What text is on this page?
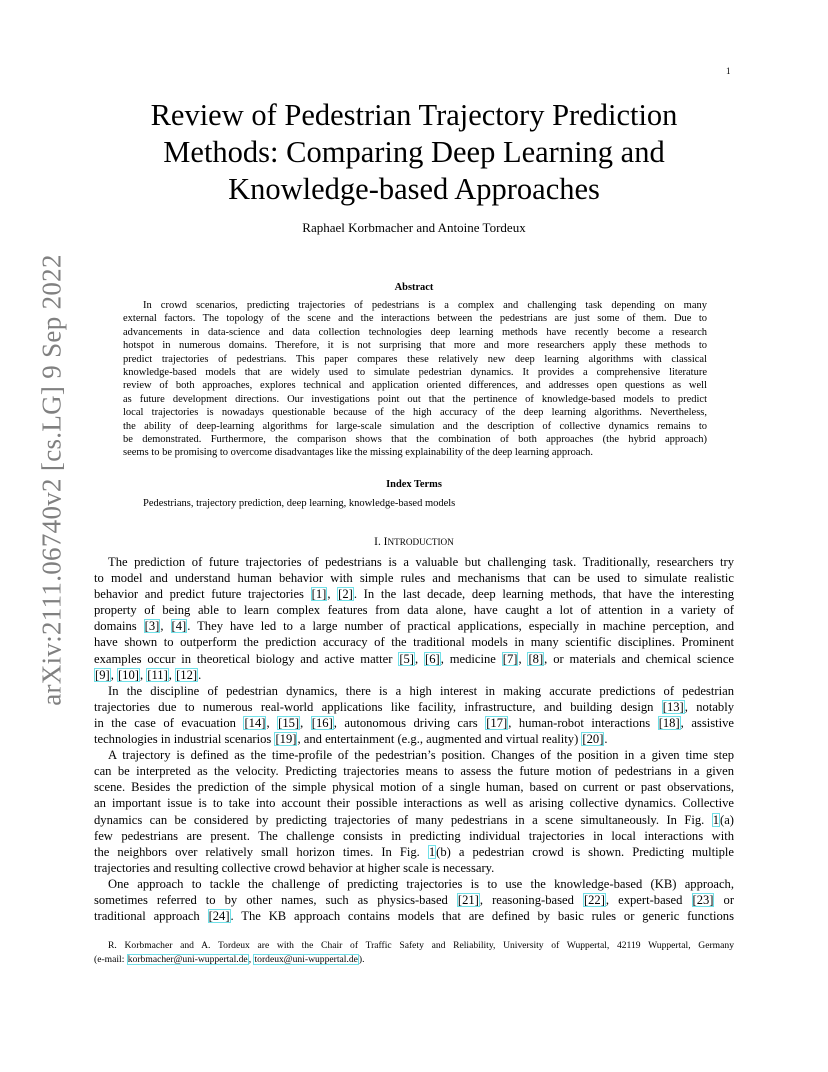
1
arXiv:2111.06740v2 [cs.LG] 9 Sep 2022
Review of Pedestrian Trajectory Prediction
Methods: Comparing Deep Learning and
Knowledge-based Approaches
Raphael Korbmacher and Antoine Tordeux
Abstract
In crowd scenarios, predicting trajectories of pedestrians is a complex and challenging task depending on many
external factors. The topology of the scene and the interactions between the pedestrians are just some of them. Due to
advancements in data-science and data collection technologies deep learning methods have recently become a research
hotspot in numerous domains. Therefore, it is not surprising that more and more researchers apply these methods to
predict trajectories of pedestrians. This paper compares these relatively new deep learning algorithms with classical
knowledge-based models that are widely used to simulate pedestrian dynamics. It provides a comprehensive literature
review of both approaches, explores technical and application oriented differences, and addresses open questions as well
as future development directions. Our investigations point out that the pertinence of knowledge-based models to predict
local trajectories is nowadays questionable because of the high accuracy of the deep learning algorithms. Nevertheless,
the ability of deep-learning algorithms for large-scale simulation and the description of collective dynamics remains to
be demonstrated. Furthermore, the comparison shows that the combination of both approaches (the hybrid approach)
seems to be promising to overcome disadvantages like the missing explainability of the deep learning approach.
Index Terms
Pedestrians, trajectory prediction, deep learning, knowledge-based models
I. INTRODUCTION
The prediction of future trajectories of pedestrians is a valuable but challenging task. Traditionally, researchers try
to model and understand human behavior with simple rules and mechanisms that can be used to simulate realistic
behavior and predict future trajectories [1], [2]. In the last decade, deep learning methods, that have the interesting
property of being able to learn complex features from data alone, have caught a lot of attention in a variety of
domains [3], [4]. They have led to a large number of practical applications, especially in machine perception, and
have shown to outperform the prediction accuracy of the traditional models in many scientific disciplines. Prominent
examples occur in theoretical biology and active matter [5], [6], medicine [7], [8], or materials and chemical science
[9], [10], [11], [12].
In the discipline of pedestrian dynamics, there is a high interest in making accurate predictions of pedestrian
trajectories due to numerous real-world applications like facility, infrastructure, and building design [13], notably
in the case of evacuation [14], [15], [16], autonomous driving cars [17], human-robot interactions [18], assistive
technologies in industrial scenarios [19], and entertainment (e.g., augmented and virtual reality) [20].
A trajectory is defined as the time-profile of the pedestrian’s position. Changes of the position in a given time step
can be interpreted as the velocity. Predicting trajectories means to assess the future motion of pedestrians in a given
scene. Besides the prediction of the simple physical motion of a single human, based on current or past observations,
an important issue is to take into account their possible interactions as well as arising collective dynamics. Collective
dynamics can be considered by predicting trajectories of many pedestrians in a scene simultaneously. In Fig. 1(a)
few pedestrians are present. The challenge consists in predicting individual trajectories in local interactions with
the neighbors over relatively small horizon times. In Fig. 1(b) a pedestrian crowd is shown. Predicting multiple
trajectories and resulting collective crowd behavior at higher scale is necessary.
One approach to tackle the challenge of predicting trajectories is to use the knowledge-based (KB) approach,
sometimes referred to by other names, such as physics-based [21], reasoning-based [22], expert-based [23] or
traditional approach [24]. The KB approach contains models that are defined by basic rules or generic functions
R. Korbmacher and A. Tordeux are with the Chair of Traffic Safety and Reliability, University of Wuppertal, 42119 Wuppertal, Germany
(e-mail: korbmacher@uni-wuppertal.de, tordeux@uni-wuppertal.de).
